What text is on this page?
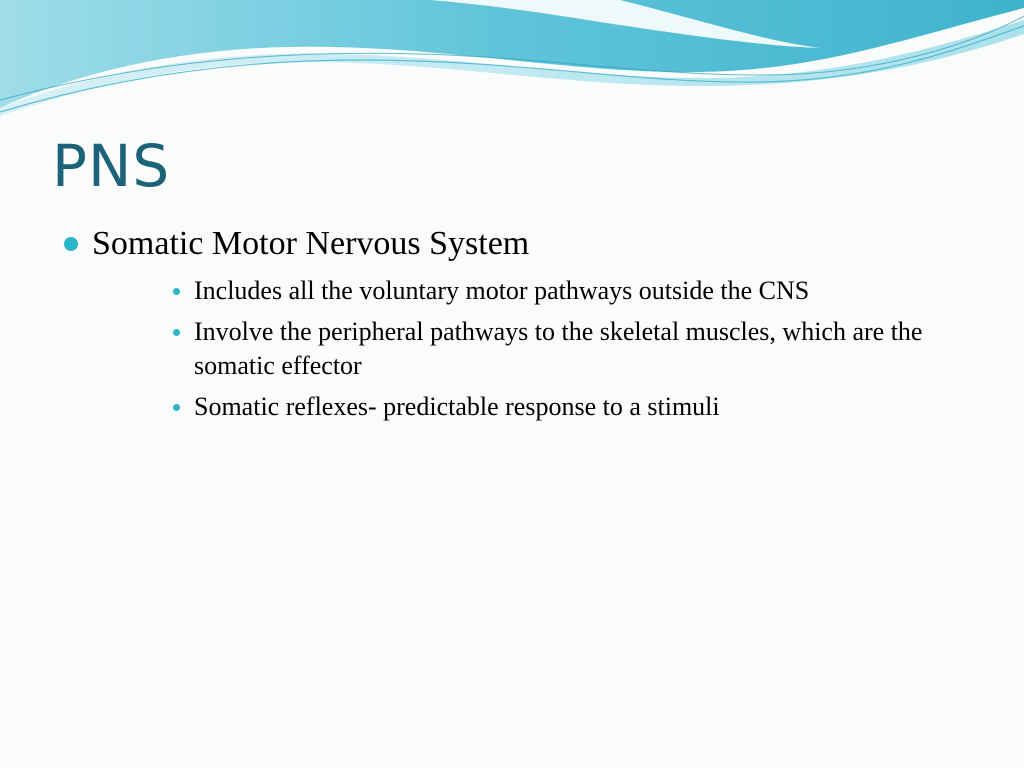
PNS

Somatic Motor Nervous System

Includes all the voluntary motor pathways outside the CNS
Involve the peripheral pathways to the skeletal muscles, which are the somatic effector
Somatic reflexes- predictable response to a stimuli
